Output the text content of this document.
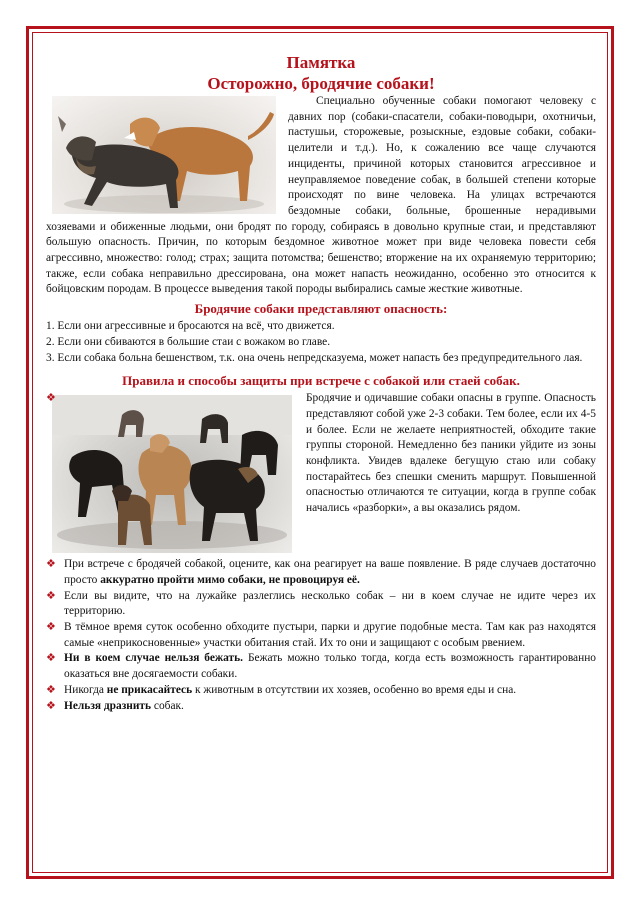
Памятка
Осторожно, бродячие собаки!

Специально обученные собаки помогают человеку с давних пор (собаки-спасатели, собаки-поводыри, охотничьи, пастушьи, сторожевые, розыскные, ездовые собаки, собаки-целители и т.д.). Но, к сожалению все чаще случаются инциденты, причиной которых становится агрессивное и неуправляемое поведение собак, в большей степени которые происходят по вине человека. На улицах встречаются бездомные собаки, больные, брошенные нерадивыми хозяевами и обиженные людьми, они бродят по городу, собираясь в довольно крупные стаи, и представляют большую опасность. Причин, по которым бездомное животное может при виде человека повести себя агрессивно, множество: голод; страх; защита потомства; бешенство; вторжение на их охраняемую территорию; также, если собака неправильно дрессирована, она может напасть неожиданно, особенно это относится к бойцовским породам. В процессе выведения такой породы выбирались самые жесткие животные.

Бродячие собаки представляют опасность:
1. Если они агрессивные и бросаются на всё, что движется.
2. Если они сбиваются в большие стаи с вожаком во главе.
3. Если собака больна бешенством, т.к. она очень непредсказуема, может напасть без предупредительного лая.
Правила и способы защиты при встрече с собакой или стаей собак.

❖	Бродячие и одичавшие собаки опасны в группе. Опасность представляют собой уже 2-3 собаки. Тем более, если их 4-5 и более. Если не желаете неприятностей, обходите такие группы стороной. Немедленно без паники уйдите из зоны конфликта. Увидев вдалеке бегущую стаю или собаку постарайтесь без спешки сменить маршрут. Повышенной опасностью отличаются те ситуации, когда в группе собак начались «разборки», а вы оказались рядом.

❖ При встрече с бродячей собакой, оцените, как она реагирует на ваше появление. В ряде случаев достаточно просто аккуратно пройти мимо собаки, не провоцируя её.
❖ Если вы видите, что на лужайке разлеглись несколько собак – ни в коем случае не идите через их территорию.
❖ В тёмное время суток особенно обходите пустыри, парки и другие подобные места. Там как раз находятся самые «неприкосновенные» участки обитания стай. Их то они и защищают с особым рвением.
❖ Ни в коем случае нельзя бежать. Бежать можно только тогда, когда есть возможность гарантированно оказаться вне досягаемости собаки.
❖ Никогда не прикасайтесь к животным в отсутствии их хозяев, особенно во время еды и сна.
❖ Нельзя дразнить собак.
